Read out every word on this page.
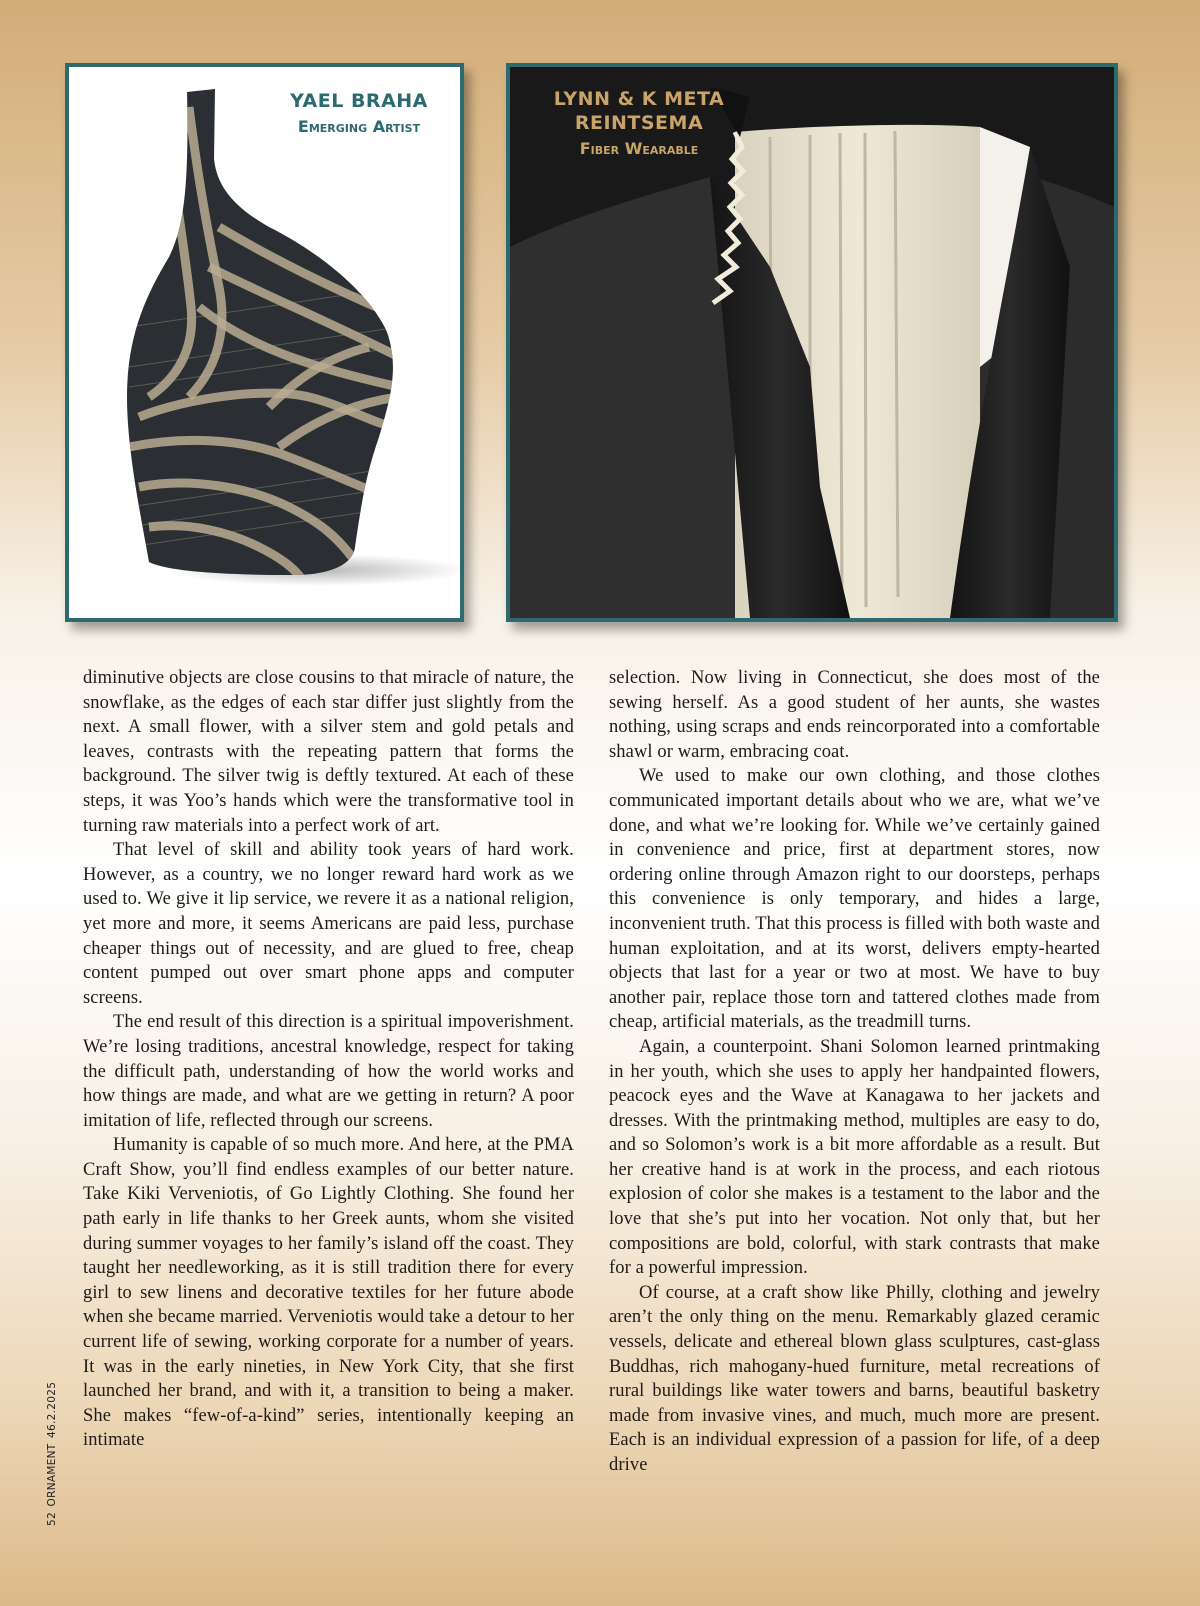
YAEL BRAHA
Emerging Artist
LYNN & K META
REINTSEMA
Fiber Wearable

diminutive objects are close cousins to that miracle of nature, the snowflake, as the edges of each star differ just slightly from the next. A small flower, with a silver stem and gold petals and leaves, contrasts with the repeating pattern that forms the background. The silver twig is deftly textured. At each of these steps, it was Yoo’s hands which were the transformative tool in turning raw materials into a perfect work of art.

That level of skill and ability took years of hard work. However, as a country, we no longer reward hard work as we used to. We give it lip service, we revere it as a national religion, yet more and more, it seems Americans are paid less, purchase cheaper things out of necessity, and are glued to free, cheap content pumped out over smart phone apps and computer screens.

The end result of this direction is a spiritual impoverishment. We’re losing traditions, ancestral knowledge, respect for taking the difficult path, understanding of how the world works and how things are made, and what are we getting in return? A poor imitation of life, reflected through our screens.

Humanity is capable of so much more. And here, at the PMA Craft Show, you’ll find endless examples of our better nature. Take Kiki Verveniotis, of Go Lightly Clothing. She found her path early in life thanks to her Greek aunts, whom she visited during summer voyages to her family’s island off the coast. They taught her needleworking, as it is still tradition there for every girl to sew linens and decorative textiles for her future abode when she became married. Verveniotis would take a detour to her current life of sewing, working corporate for a number of years. It was in the early nineties, in New York City, that she first launched her brand, and with it, a transition to being a maker. She makes “few-of-a-kind” series, intentionally keeping an intimate

selection. Now living in Connecticut, she does most of the sewing herself. As a good student of her aunts, she wastes nothing, using scraps and ends reincorporated into a comfortable shawl or warm, embracing coat.

We used to make our own clothing, and those clothes communicated important details about who we are, what we’ve done, and what we’re looking for. While we’ve certainly gained in convenience and price, first at department stores, now ordering online through Amazon right to our doorsteps, perhaps this convenience is only temporary, and hides a large, inconvenient truth. That this process is filled with both waste and human exploitation, and at its worst, delivers empty-hearted objects that last for a year or two at most. We have to buy another pair, replace those torn and tattered clothes made from cheap, artificial materials, as the treadmill turns.

Again, a counterpoint. Shani Solomon learned printmaking in her youth, which she uses to apply her handpainted flowers, peacock eyes and the Wave at Kanagawa to her jackets and dresses. With the printmaking method, multiples are easy to do, and so Solomon’s work is a bit more affordable as a result. But her creative hand is at work in the process, and each riotous explosion of color she makes is a testament to the labor and the love that she’s put into her vocation. Not only that, but her compositions are bold, colorful, with stark contrasts that make for a powerful impression.

Of course, at a craft show like Philly, clothing and jewelry aren’t the only thing on the menu. Remarkably glazed ceramic vessels, delicate and ethereal blown glass sculptures, cast-glass Buddhas, rich mahogany-hued furniture, metal recreations of rural buildings like water towers and barns, beautiful basketry made from invasive vines, and much, much more are present. Each is an individual expression of a passion for life, of a deep drive

52 ORNAMENT 46.2.2025
